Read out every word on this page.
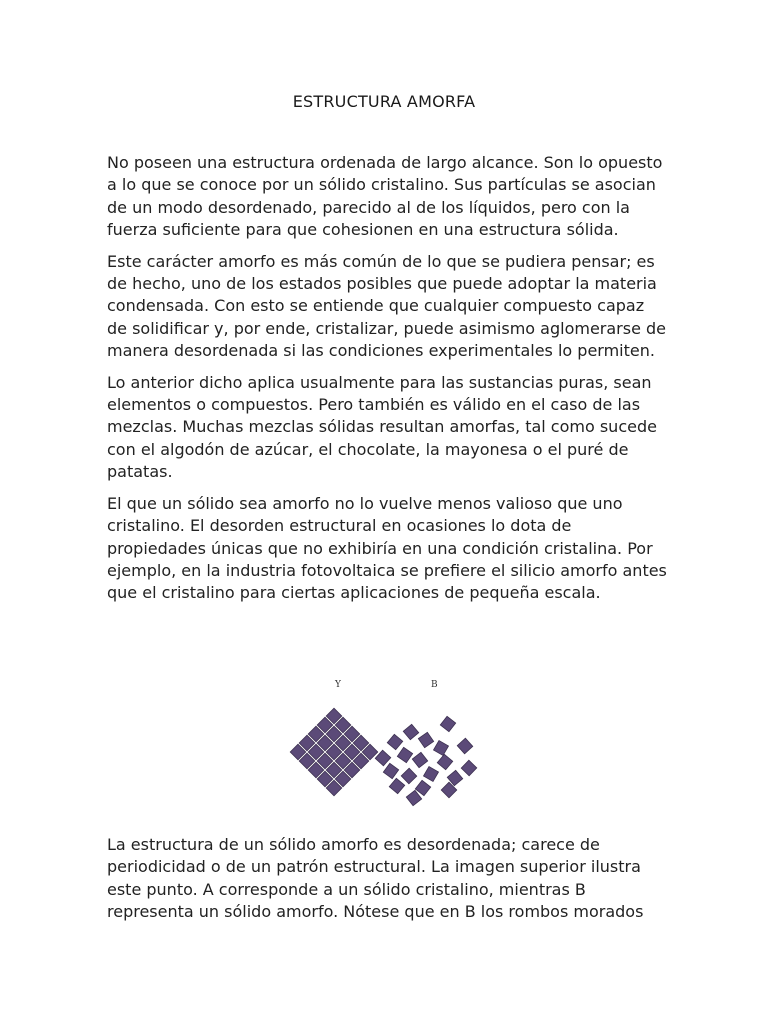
ESTRUCTURA AMORFA

No poseen una estructura ordenada de largo alcance. Son lo opuesto a lo que se conoce por un sólido cristalino. Sus partículas se asocian de un modo desordenado, parecido al de los líquidos, pero con la fuerza suficiente para que cohesionen en una estructura sólida.

Este carácter amorfo es más común de lo que se pudiera pensar; es de hecho, uno de los estados posibles que puede adoptar la materia condensada. Con esto se entiende que cualquier compuesto capaz de solidificar y, por ende, cristalizar, puede asimismo aglomerarse de manera desordenada si las condiciones experimentales lo permiten.

Lo anterior dicho aplica usualmente para las sustancias puras, sean elementos o compuestos. Pero también es válido en el caso de las mezclas. Muchas mezclas sólidas resultan amorfas, tal como sucede con el algodón de azúcar, el chocolate, la mayonesa o el puré de patatas.

El que un sólido sea amorfo no lo vuelve menos valioso que uno cristalino. El desorden estructural en ocasiones lo dota de propiedades únicas que no exhibiría en una condición cristalina. Por ejemplo, en la industria fotovoltaica se prefiere el silicio amorfo antes que el cristalino para ciertas aplicaciones de pequeña escala.

Y	B

La estructura de un sólido amorfo es desordenada; carece de periodicidad o de un patrón estructural. La imagen superior ilustra este punto. A corresponde a un sólido cristalino, mientras B representa un sólido amorfo. Nótese que en B los rombos morados
